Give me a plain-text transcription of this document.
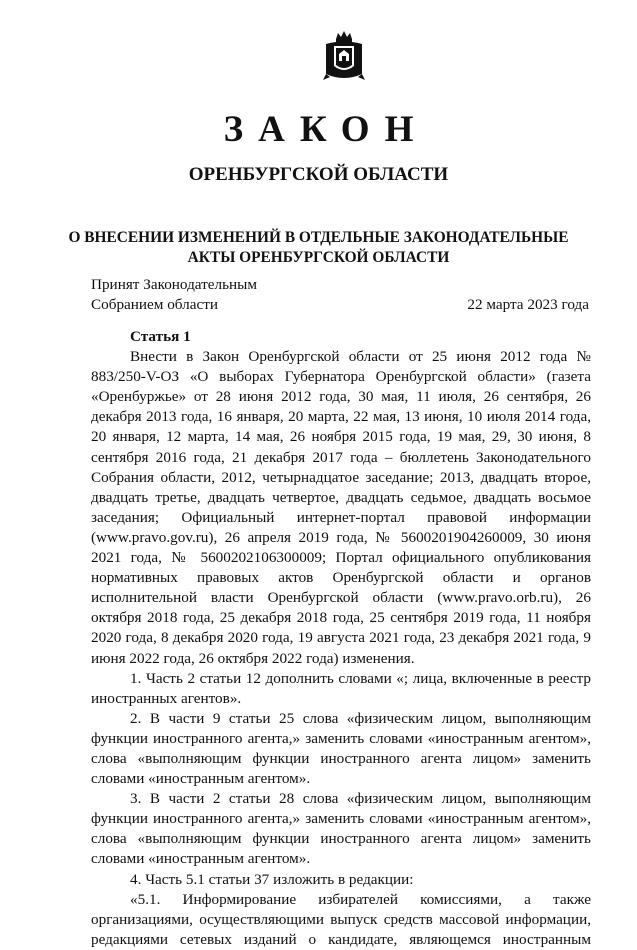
ЗАКОН
ОРЕНБУРГСКОЙ ОБЛАСТИ
О ВНЕСЕНИИ ИЗМЕНЕНИЙ В ОТДЕЛЬНЫЕ ЗАКОНОДАТЕЛЬНЫЕ
АКТЫ ОРЕНБУРГСКОЙ ОБЛАСТИ
Принят Законодательным
Собранием области	22 марта 2023 года

Статья 1

Внести в Закон Оренбургской области от 25 июня 2012 года № 883/250-V-ОЗ «О выборах Губернатора Оренбургской области» (газета «Оренбуржье» от 28 июня 2012 года, 30 мая, 11 июля, 26 сентября, 26 декабря 2013 года, 16 января, 20 марта, 22 мая, 13 июня, 10 июля 2014 года, 20 января, 12 марта, 14 мая, 26 ноября 2015 года, 19 мая, 29, 30 июня, 8 сентября 2016 года, 21 декабря 2017 года – бюллетень Законодательного Собрания области, 2012, четырнадцатое заседание; 2013, двадцать второе, двадцать третье, двадцать четвертое, двадцать седьмое, двадцать восьмое заседания; Официальный интернет-портал правовой информации (www.pravo.gov.ru), 26 апреля 2019 года, № 5600201904260009, 30 июня 2021 года, № 5600202106300009; Портал официального опубликования нормативных правовых актов Оренбургской области и органов исполнительной власти Оренбургской области (www.pravo.orb.ru), 26 октября 2018 года, 25 декабря 2018 года, 25 сентября 2019 года, 11 ноября 2020 года, 8 декабря 2020 года, 19 августа 2021 года, 23 декабря 2021 года, 9 июня 2022 года, 26 октября 2022 года) изменения.

1. Часть 2 статьи 12 дополнить словами «; лица, включенные в реестр иностранных агентов».

2. В части 9 статьи 25 слова «физическим лицом, выполняющим функции иностранного агента,» заменить словами «иностранным агентом», слова «выполняющим функции иностранного агента лицом» заменить словами «иностранным агентом».

3. В части 2 статьи 28 слова «физическим лицом, выполняющим функции иностранного агента,» заменить словами «иностранным агентом», слова «выполняющим функции иностранного агента лицом» заменить словами «иностранным агентом».

4. Часть 5.1 статьи 37 изложить в редакции:

«5.1. Информирование избирателей комиссиями, а также организациями, осуществляющими выпуск средств массовой информации, редакциями сетевых изданий о кандидате, являющемся иностранным
